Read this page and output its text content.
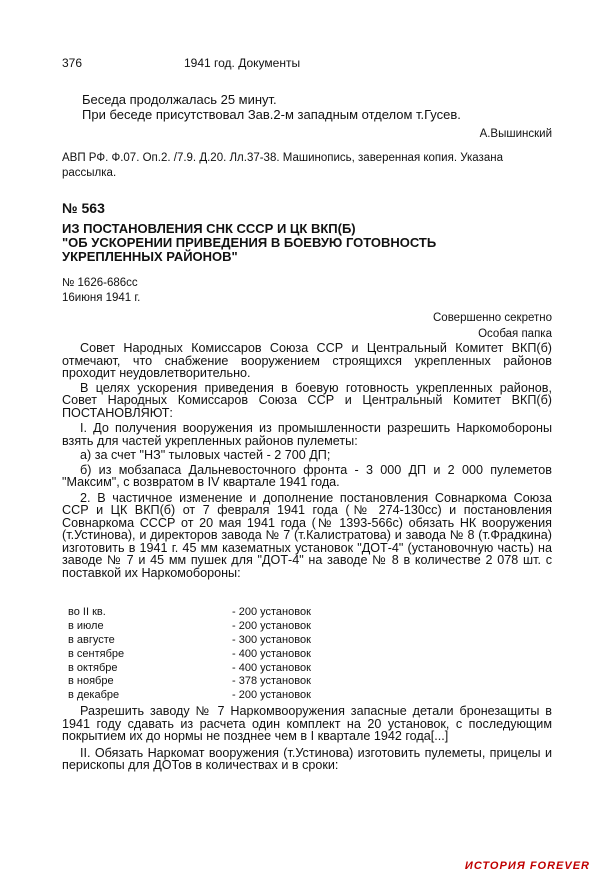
376	1941 год. Документы

Беседа продолжалась 25 минут.

При беседе присутствовал Зав.2-м западным отделом т.Гусев.

А.Вышинский
АВП РФ. Ф.07. Оп.2. /7.9. Д.20. Лл.37-38. Машинопись, заверенная копия. Указана рассылка.
№ 563
ИЗ ПОСТАНОВЛЕНИЯ СНК СССР И ЦК ВКП(Б)
"ОБ УСКОРЕНИИ ПРИВЕДЕНИЯ В БОЕВУЮ ГОТОВНОСТЬ
УКРЕПЛЕННЫХ РАЙОНОВ"
№ 1626-686сс
16июня 1941 г.
Совершенно секретно
Особая папка

Совет Народных Комиссаров Союза ССР и Центральный Комитет ВКП(б) отмечают, что снабжение вооружением строящихся укрепленных районов проходит неудовлетворительно.

В целях ускорения приведения в боевую готовность укрепленных районов, Совет Народных Комиссаров Союза ССР и Центральный Комитет ВКП(б) ПОСТАНОВЛЯЮТ:

I. До получения вооружения из промышленности разрешить Наркомобороны взять для частей укрепленных районов пулеметы:

а) за счет "НЗ" тыловых частей - 2 700 ДП;

б) из мобзапаса Дальневосточного фронта - 3 000 ДП и 2 000 пулеметов "Максим", с возвратом в IV квартале 1941 года.

2. В частичное изменение и дополнение постановления Совнаркома Союза ССР и ЦК ВКП(б) от 7 февраля 1941 года (№ 274-130сс) и постановления Совнаркома СССР от 20 мая 1941 года (№ 1393-566с) обязать НК вооружения (т.Устинова), и директоров завода № 7 (т.Калистратова) и завода № 8 (т.Фрадкина) изготовить в 1941 г. 45 мм казематных установок "ДОТ-4" (установочную часть) на заводе № 7 и 45 мм пушек для "ДОТ-4" на заводе № 8 в количестве 2 078 шт. с поставкой их Наркомобороны:

во II кв.	- 200 установок
в июле	- 200 установок
в августе	- 300 установок
в сентябре	- 400 установок
в октябре	- 400 установок
в ноябре	- 378 установок
в декабре	- 200 установок

Разрешить заводу № 7 Наркомвооружения запасные детали бронезащиты в 1941 году сдавать из расчета один комплект на 20 установок, с последующим покрытием их до нормы не позднее чем в I квартале 1942 года[...]

II. Обязать Наркомат вооружения (т.Устинова) изготовить пулеметы, прицелы и перископы для ДОТов в количествах и в сроки:

ИСТОРИЯ FOREVER
